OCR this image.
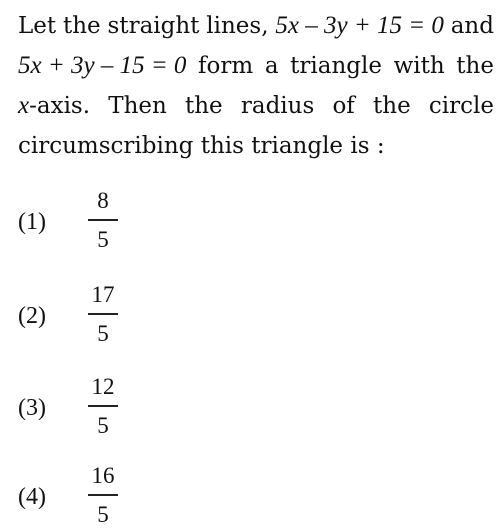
Let the straight lines, 5x – 3y + 15 = 0 and
5x + 3y – 15 = 0 form a triangle with the
x-axis. Then the radius of the circle
circumscribing this triangle is :
(1)
8
5
(2)
17
5
(3)
12
5
(4)
16
5
